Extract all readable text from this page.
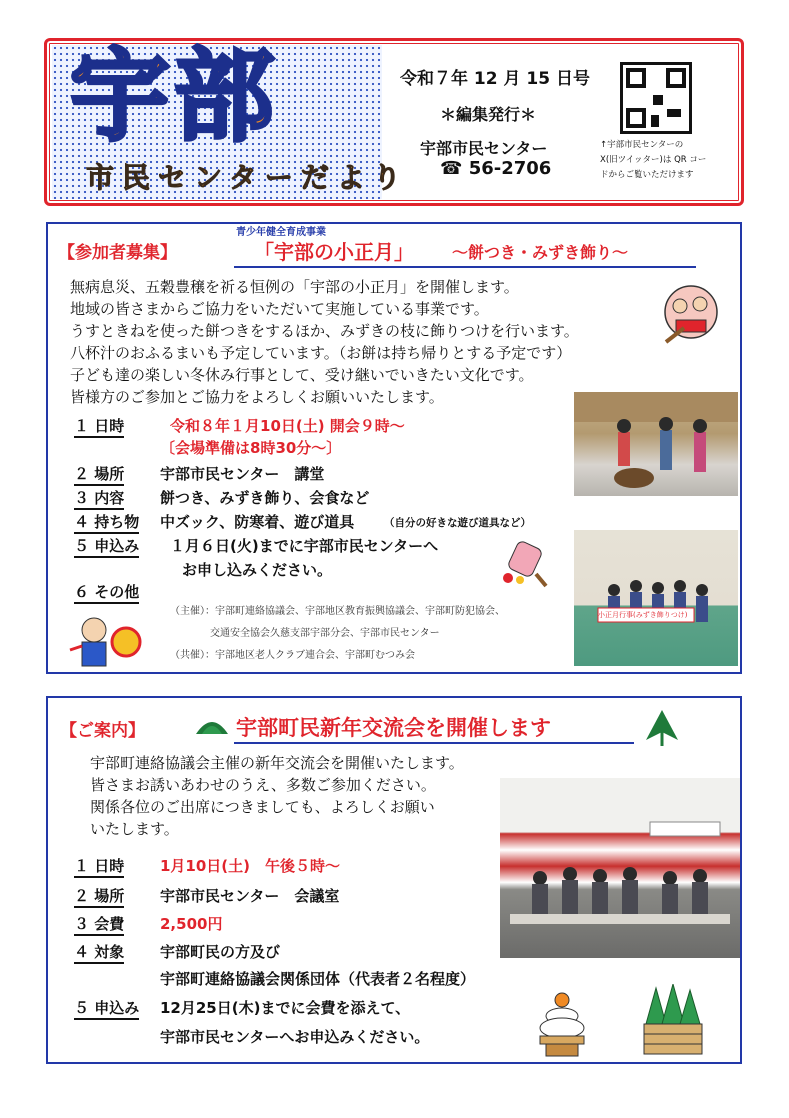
宇部
市民センターだより
令和７年 12 月 15 日号
＊編集発行＊
宇部市民センター
☎ 56-2706
↑宇部市民センターの
X(旧ツイッター)は QR コー
ドからご覧いただけます
【参加者募集】
青少年健全育成事業
「宇部の小正月」 ～餅つき・みずき飾り～
無病息災、五穀豊穣を祈る恒例の「宇部の小正月」を開催します。
地域の皆さまからご協力をいただいて実施している事業です。
うすときねを使った餅つきをするほか、みずきの枝に飾りつけを行います。
八杯汁のおふるまいも予定しています。（お餅は持ち帰りとする予定です）
子ども達の楽しい冬休み行事として、受け継いでいきたい文化です。
皆様方のご参加とご協力をよろしくお願いいたします。
小正月行事(みずき飾りつけ)
１ 日時	令和８年１月10日(土) 開会９時～
〔会場準備は8時30分～〕
２ 場所 宇部市民センター　講堂
３ 内容 餅つき、みずき飾り、会食など
４ 持ち物 中ズック、防寒着、遊び道具	（自分の好きな遊び道具など）
５ 申込み １月６日(火)までに宇部市民センターへ
お申し込みください。
６ その他
（主催）：宇部町連絡協議会、宇部地区教育振興協議会、宇部町防犯協会、
交通安全協会久慈支部宇部分会、宇部市民センター
（共催）：宇部地区老人クラブ連合会、宇部町むつみ会
【ご案内】	宇部町民新年交流会を開催します
宇部町連絡協議会主催の新年交流会を開催いたします。
皆さまお誘いあわせのうえ、多数ご参加ください。
関係各位のご出席につきましても、よろしくお願い
いたします。
１ 日時 1月10日(土)　午後５時～
２ 場所 宇部市民センター　会議室
３ 会費 2,500円
４ 対象 宇部町民の方及び
宇部町連絡協議会関係団体（代表者２名程度）
５ 申込み 12月25日(木)までに会費を添えて、
宇部市民センターへお申込みください。
